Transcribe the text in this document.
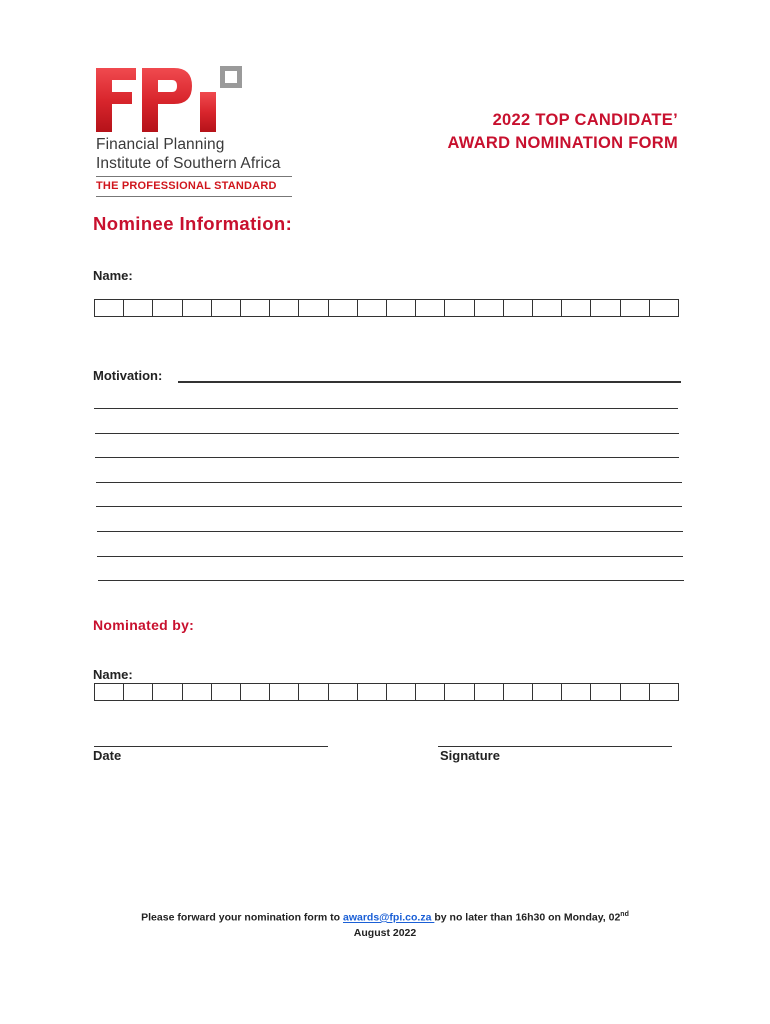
Financial Planning
Institute of Southern Africa
THE PROFESSIONAL STANDARD
2022 TOP CANDIDATE’
AWARD NOMINATION FORM
Nominee Information:
Name:
Motivation:
Nominated by:
Name:
Date	Signature
Please forward your nomination form to awards@fpi.co.za by no later than 16h30 on Monday, 02nd
August 2022
